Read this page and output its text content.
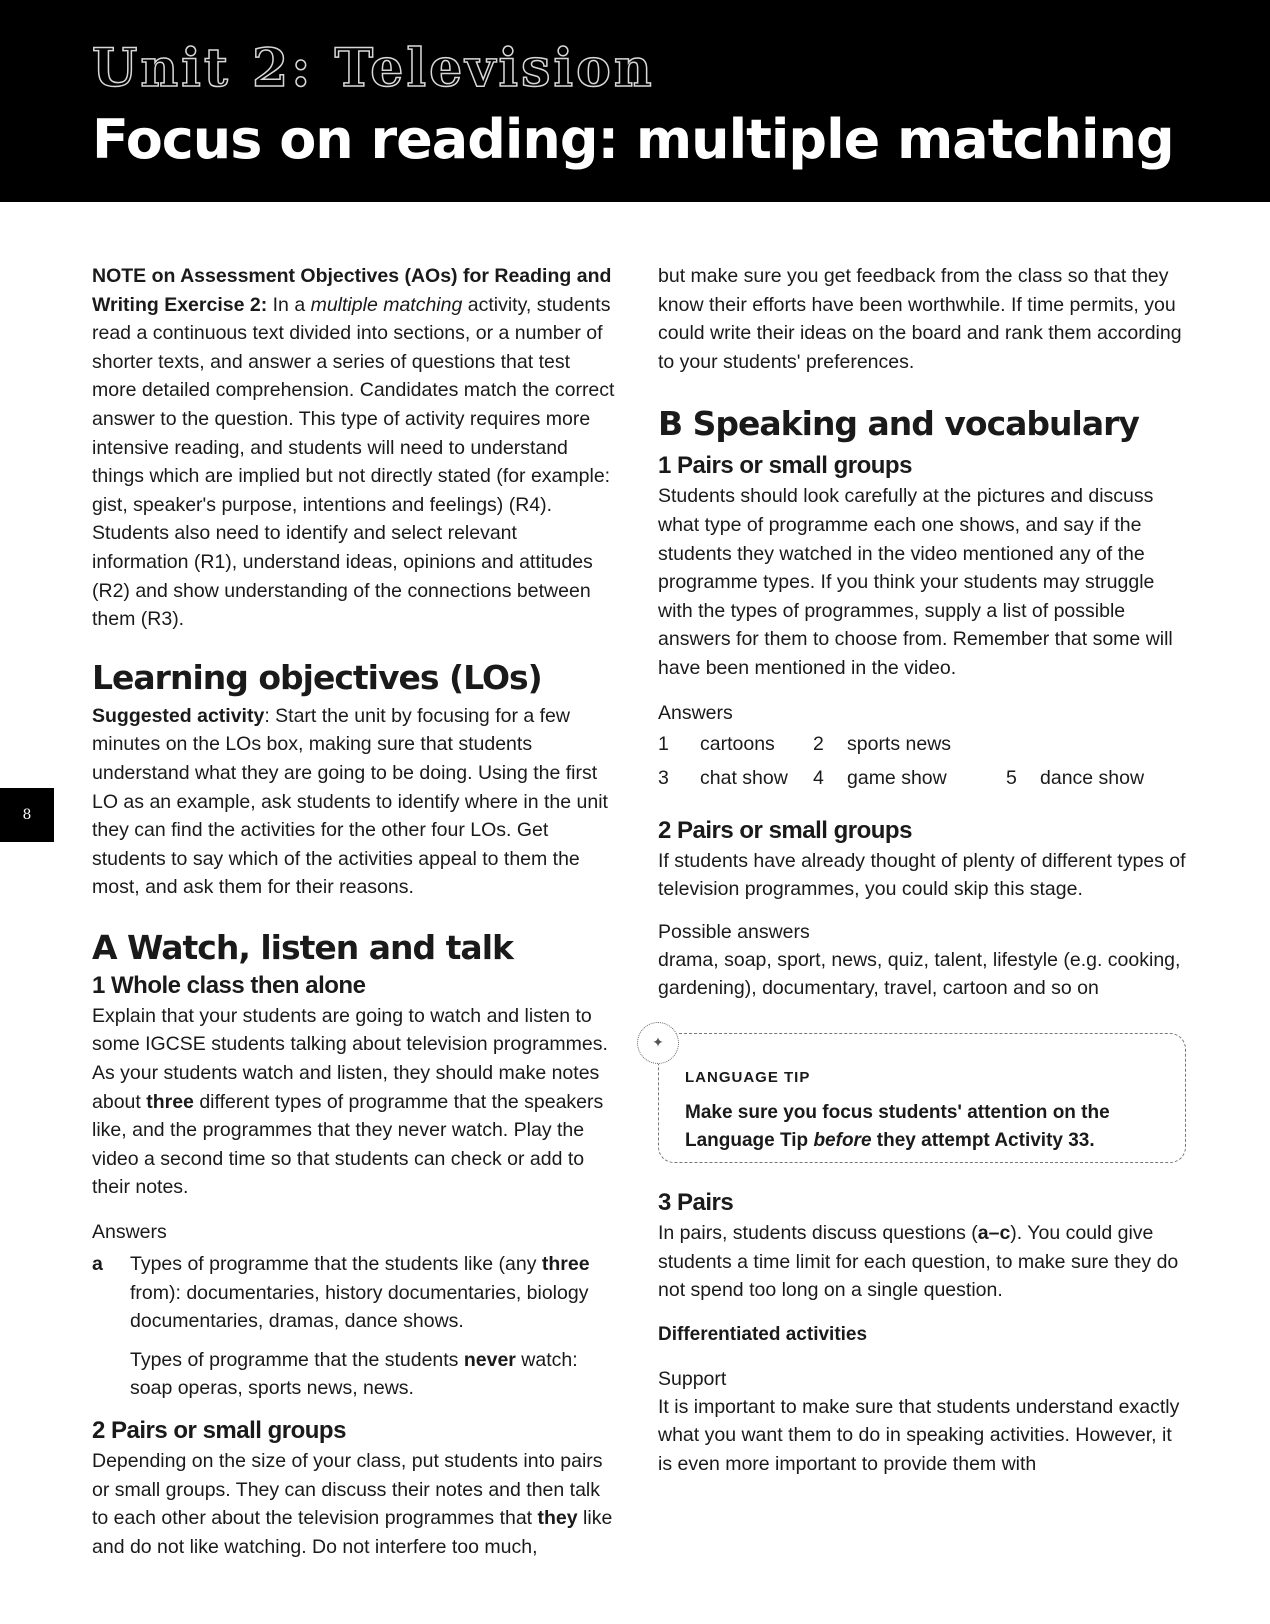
Unit 2: Television
Focus on reading: multiple matching
8

NOTE on Assessment Objectives (AOs) for Reading and Writing Exercise 2: In a multiple matching activity, students read a continuous text divided into sections, or a number of shorter texts, and answer a series of questions that test more detailed comprehension. Candidates match the correct answer to the question. This type of activity requires more intensive reading, and students will need to understand things which are implied but not directly stated (for example: gist, speaker's purpose, intentions and feelings) (R4). Students also need to identify and select relevant information (R1), understand ideas, opinions and attitudes (R2) and show understanding of the connections between them (R3).

Learning objectives (LOs)

Suggested activity: Start the unit by focusing for a few minutes on the LOs box, making sure that students understand what they are going to be doing. Using the first LO as an example, ask students to identify where in the unit they can find the activities for the other four LOs. Get students to say which of the activities appeal to them the most, and ask them for their reasons.

A Watch, listen and talk
1 Whole class then alone

Explain that your students are going to watch and listen to some IGCSE students talking about television programmes. As your students watch and listen, they should make notes about three different types of programme that the speakers like, and the programmes that they never watch. Play the video a second time so that students can check or add to their notes.

Answers

a	Types of programme that the students like (any three from): documentaries, history documentaries, biology documentaries, dramas, dance shows.
Types of programme that the students never watch: soap operas, sports news, news.
2 Pairs or small groups

Depending on the size of your class, put students into pairs or small groups. They can discuss their notes and then talk to each other about the television programmes that they like and do not like watching. Do not interfere too much,

but make sure you get feedback from the class so that they know their efforts have been worthwhile. If time permits, you could write their ideas on the board and rank them according to your students' preferences.

B Speaking and vocabulary
1 Pairs or small groups

Students should look carefully at the pictures and discuss what type of programme each one shows, and say if the students they watched in the video mentioned any of the programme types. If you think your students may struggle with the types of programmes, supply a list of possible answers for them to choose from. Remember that some will have been mentioned in the video.

Answers

1	cartoons	2	sports news
3	chat show	4	game show	5	dance show
2 Pairs or small groups

If students have already thought of plenty of different types of television programmes, you could skip this stage.

Possible answers

drama, soap, sport, news, quiz, talent, lifestyle (e.g. cooking, gardening), documentary, travel, cartoon and so on

✦

LANGUAGE TIP

Make sure you focus students' attention on the Language Tip before they attempt Activity 33.

3 Pairs

In pairs, students discuss questions (a–c). You could give students a time limit for each question, to make sure they do not spend too long on a single question.

Differentiated activities

Support

It is important to make sure that students understand exactly what you want them to do in speaking activities. However, it is even more important to provide them with
